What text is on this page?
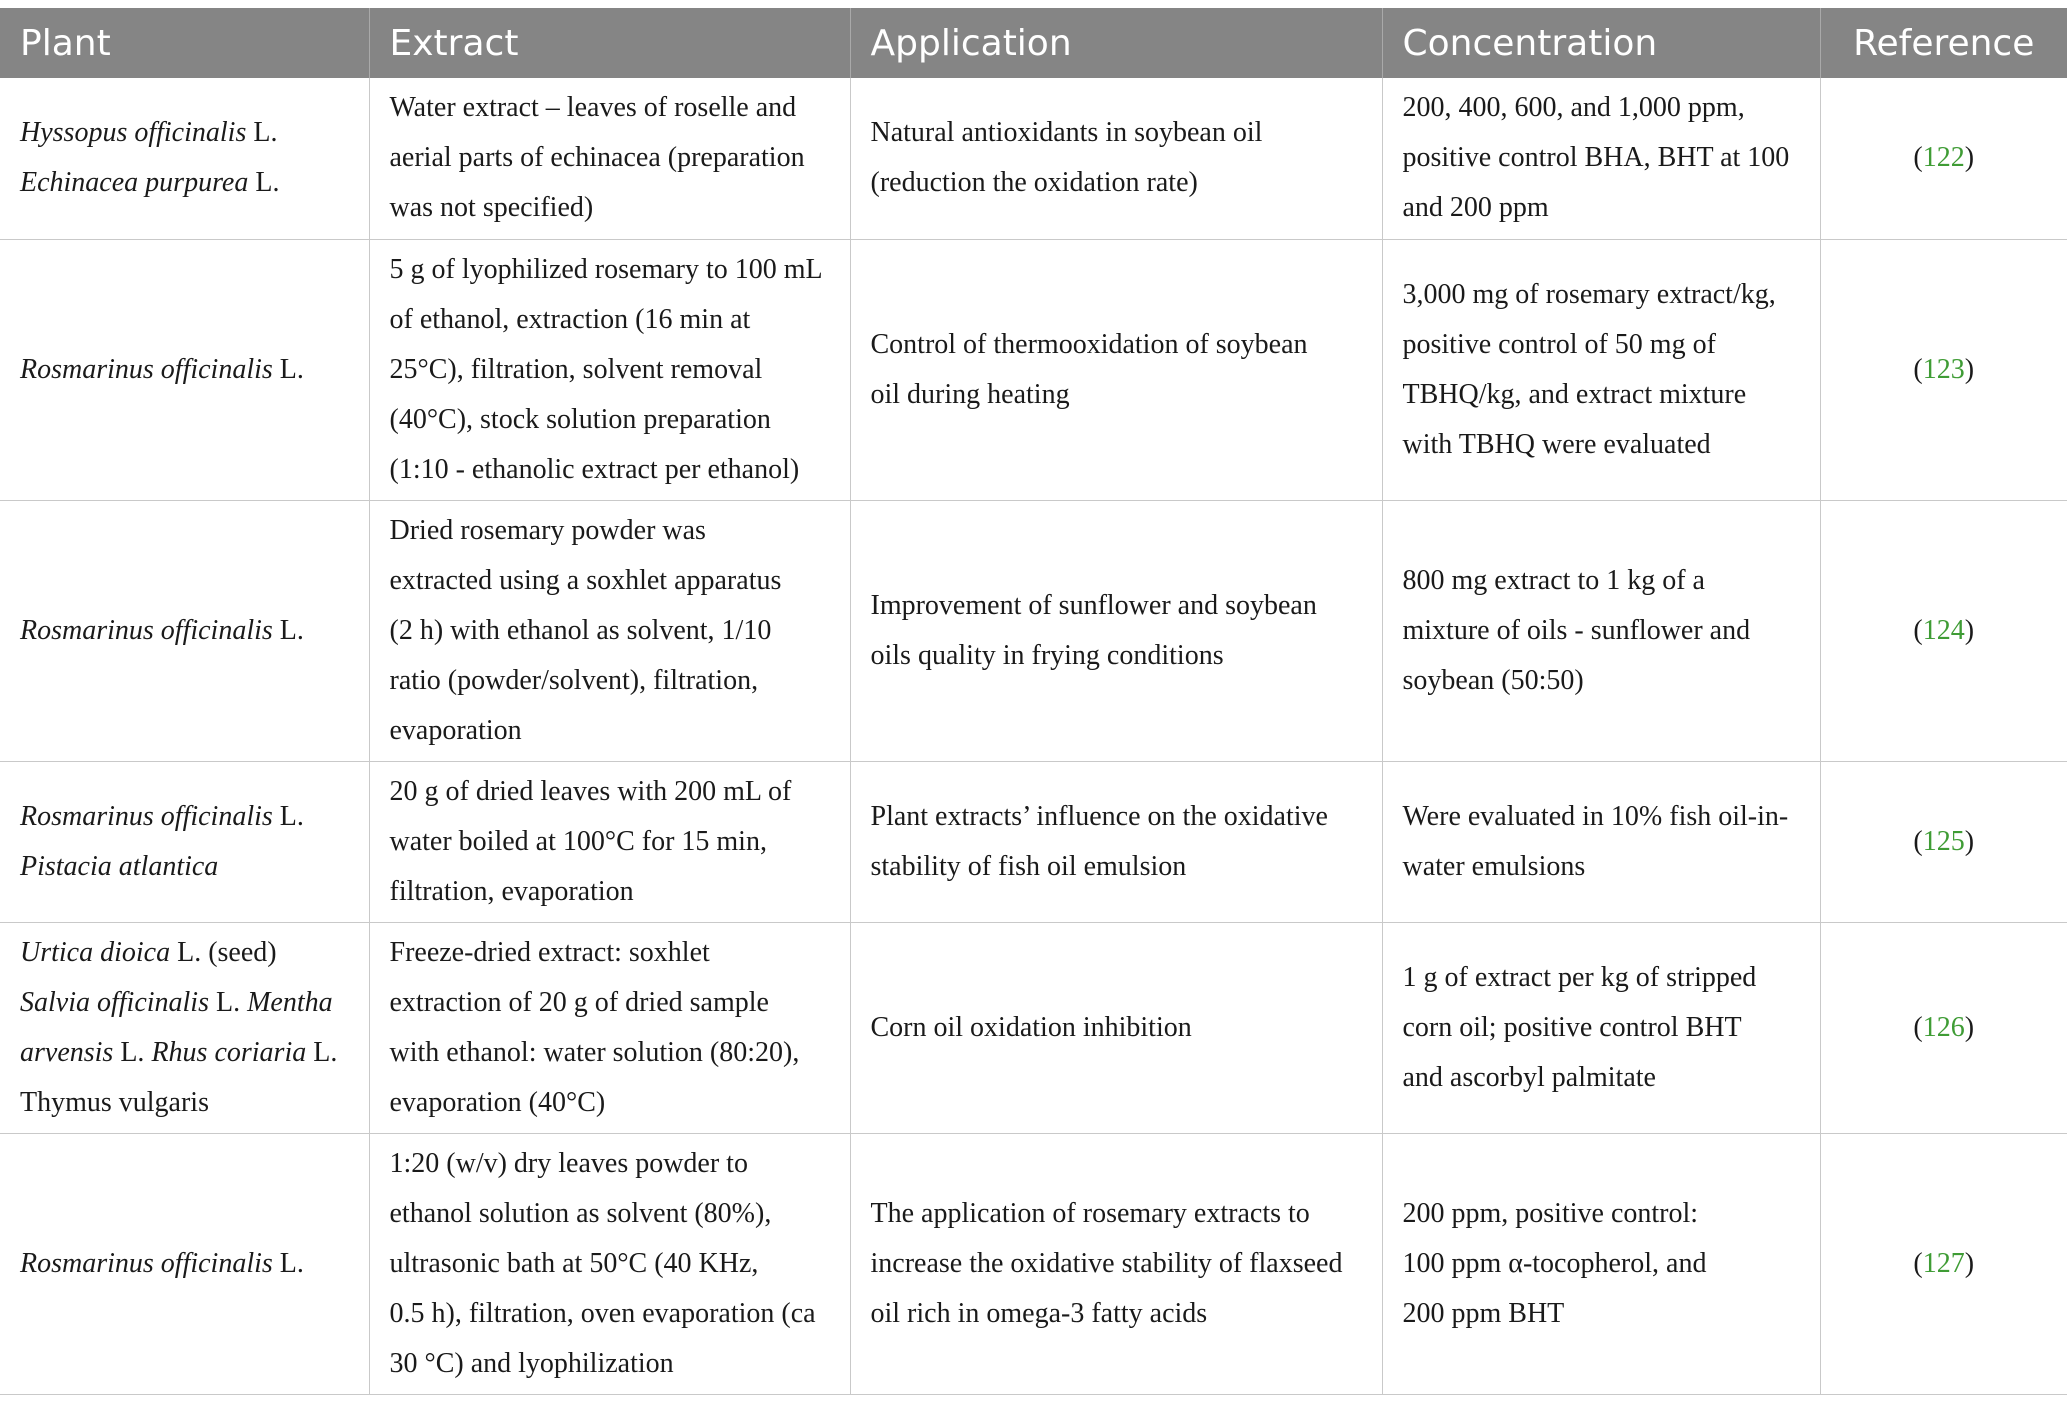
Plant	Extract	Application	Concentration	Reference

Hyssopus officinalis L.
Echinacea purpurea L.	Water extract – leaves of roselle and
aerial parts of echinacea (preparation
was not specified)	Natural antioxidants in soybean oil
(reduction the oxidation rate)	200, 400, 600, and 1,000 ppm,
positive control BHA, BHT at 100
and 200 ppm	(122)

Rosmarinus officinalis L.	5 g of lyophilized rosemary to 100 mL
of ethanol, extraction (16 min at
25°C), filtration, solvent removal
(40°C), stock solution preparation
(1:10 - ethanolic extract per ethanol)	Control of thermooxidation of soybean
oil during heating	3,000 mg of rosemary extract/kg,
positive control of 50 mg of
TBHQ/kg, and extract mixture
with TBHQ were evaluated	(123)

Rosmarinus officinalis L.	Dried rosemary powder was
extracted using a soxhlet apparatus
(2 h) with ethanol as solvent, 1/10
ratio (powder/solvent), filtration,
evaporation	Improvement of sunflower and soybean
oils quality in frying conditions	800 mg extract to 1 kg of a
mixture of oils - sunflower and
soybean (50:50)	(124)

Rosmarinus officinalis L.
Pistacia atlantica	20 g of dried leaves with 200 mL of
water boiled at 100°C for 15 min,
filtration, evaporation	Plant extracts’ influence on the oxidative
stability of fish oil emulsion	Were evaluated in 10% fish oil-in-
water emulsions	(125)

Urtica dioica L. (seed)
Salvia officinalis L. Mentha
arvensis L. Rhus coriaria L.
Thymus vulgaris	Freeze-dried extract: soxhlet
extraction of 20 g of dried sample
with ethanol: water solution (80:20),
evaporation (40°C)	Corn oil oxidation inhibition	1 g of extract per kg of stripped
corn oil; positive control BHT
and ascorbyl palmitate	(126)

Rosmarinus officinalis L.	1:20 (w/v) dry leaves powder to
ethanol solution as solvent (80%),
ultrasonic bath at 50°C (40 KHz,
0.5 h), filtration, oven evaporation (ca
30 °C) and lyophilization	The application of rosemary extracts to
increase the oxidative stability of flaxseed
oil rich in omega-3 fatty acids	200 ppm, positive control:
100 ppm α-tocopherol, and
200 ppm BHT	(127)
